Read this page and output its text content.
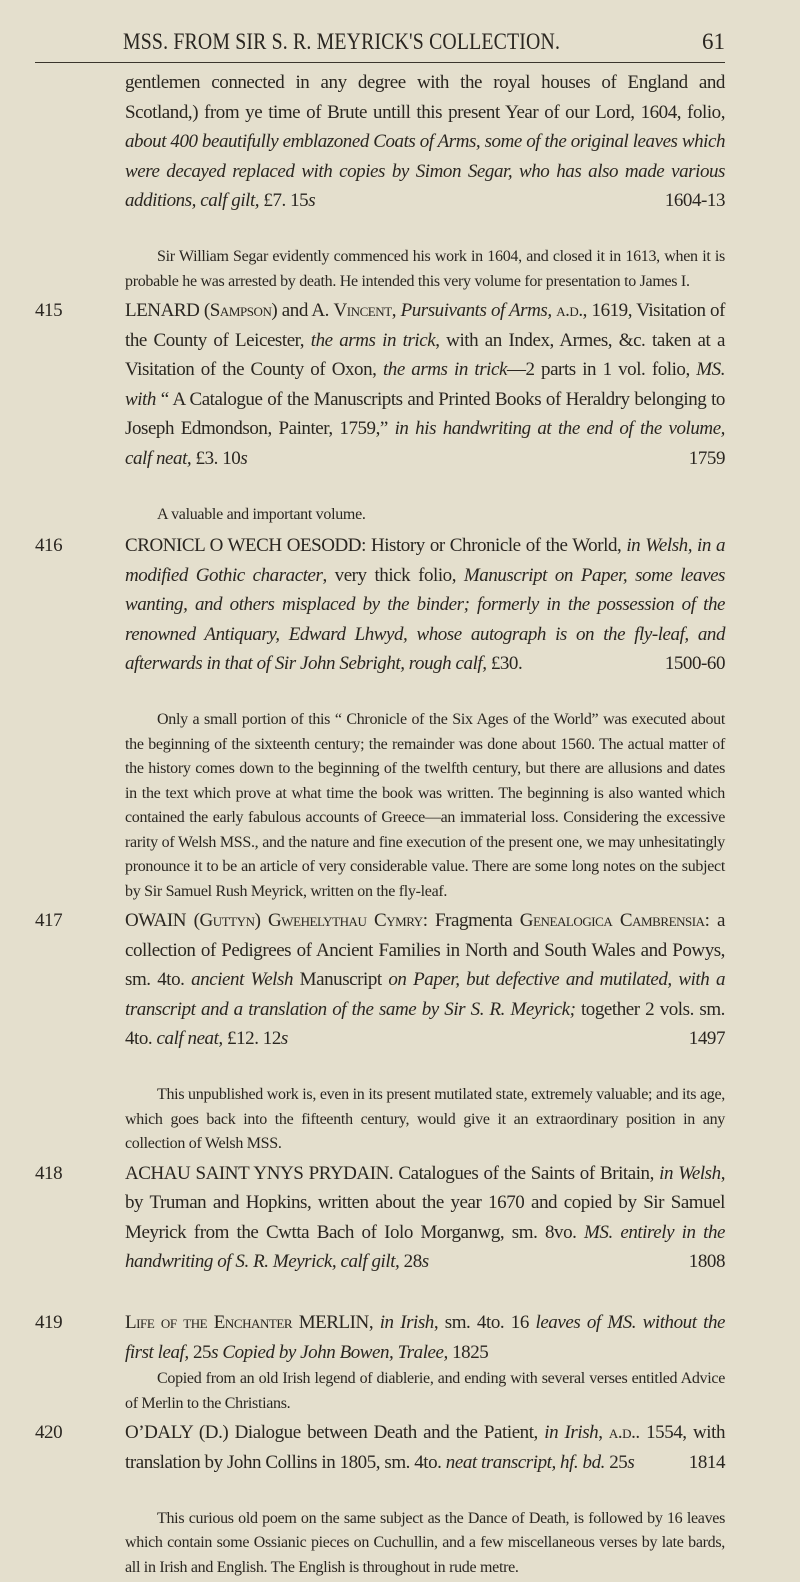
MSS. FROM SIR S. R. MEYRICK'S COLLECTION.	61
gentlemen connected in any degree with the royal houses of England and Scotland,) from ye time of Brute untill this present Year of our Lord, 1604, folio, about 400 beautifully emblazoned Coats of Arms, some of the original leaves which were decayed replaced with copies by Simon Segar, who has also made various additions, calf gilt, £7. 15s	1604-13
Sir William Segar evidently commenced his work in 1604, and closed it in 1613, when it is probable he was arrested by death. He intended this very volume for presentation to James I.
415	LENARD (Sampson) and A. Vincent, Pursuivants of Arms, a.d., 1619, Visitation of the County of Leicester, the arms in trick, with an Index, Armes, &c. taken at a Visitation of the County of Oxon, the arms in trick—2 parts in 1 vol. folio, MS. with “ A Catalogue of the Manuscripts and Printed Books of Heraldry belonging to Joseph Edmondson, Painter, 1759,” in his handwriting at the end of the volume, calf neat, £3. 10s	1759
A valuable and important volume.
416	CRONICL O WECH OESODD: History or Chronicle of the World, in Welsh, in a modified Gothic character, very thick folio, Manuscript on Paper, some leaves wanting, and others misplaced by the binder; formerly in the possession of the renowned Antiquary, Edward Lhwyd, whose autograph is on the fly-leaf, and afterwards in that of Sir John Sebright, rough calf, £30.	1500-60
Only a small portion of this “ Chronicle of the Six Ages of the World” was executed about the beginning of the sixteenth century; the remainder was done about 1560. The actual matter of the history comes down to the beginning of the twelfth century, but there are allusions and dates in the text which prove at what time the book was written. The beginning is also wanted which contained the early fabulous accounts of Greece—an immaterial loss. Considering the excessive rarity of Welsh MSS., and the nature and fine execution of the present one, we may unhesitatingly pronounce it to be an article of very considerable value. There are some long notes on the subject by Sir Samuel Rush Meyrick, written on the fly-leaf.
417	OWAIN (Guttyn) Gwehelythau Cymry: Fragmenta Genealogica Cambrensia: a collection of Pedigrees of Ancient Families in North and South Wales and Powys, sm. 4to. ancient Welsh Manuscript on Paper, but defective and mutilated, with a transcript and a translation of the same by Sir S. R. Meyrick; together 2 vols. sm. 4to. calf neat, £12. 12s	1497
This unpublished work is, even in its present mutilated state, extremely valuable; and its age, which goes back into the fifteenth century, would give it an extraordinary position in any collection of Welsh MSS.
418	ACHAU SAINT YNYS PRYDAIN. Catalogues of the Saints of Britain, in Welsh, by Truman and Hopkins, written about the year 1670 and copied by Sir Samuel Meyrick from the Cwtta Bach of Iolo Morganwg, sm. 8vo. MS. entirely in the handwriting of S. R. Meyrick, calf gilt, 28s	1808
419	Life of the Enchanter MERLIN, in Irish, sm. 4to. 16 leaves of MS. without the first leaf, 25s Copied by John Bowen, Tralee, 1825
Copied from an old Irish legend of diablerie, and ending with several verses entitled Advice of Merlin to the Christians.
420	O’DALY (D.) Dialogue between Death and the Patient, in Irish, a.d.. 1554, with translation by John Collins in 1805, sm. 4to. neat transcript, hf. bd. 25s	1814
This curious old poem on the same subject as the Dance of Death, is followed by 16 leaves which contain some Ossianic pieces on Cuchullin, and a few miscellaneous verses by late bards, all in Irish and English. The English is throughout in rude metre.
